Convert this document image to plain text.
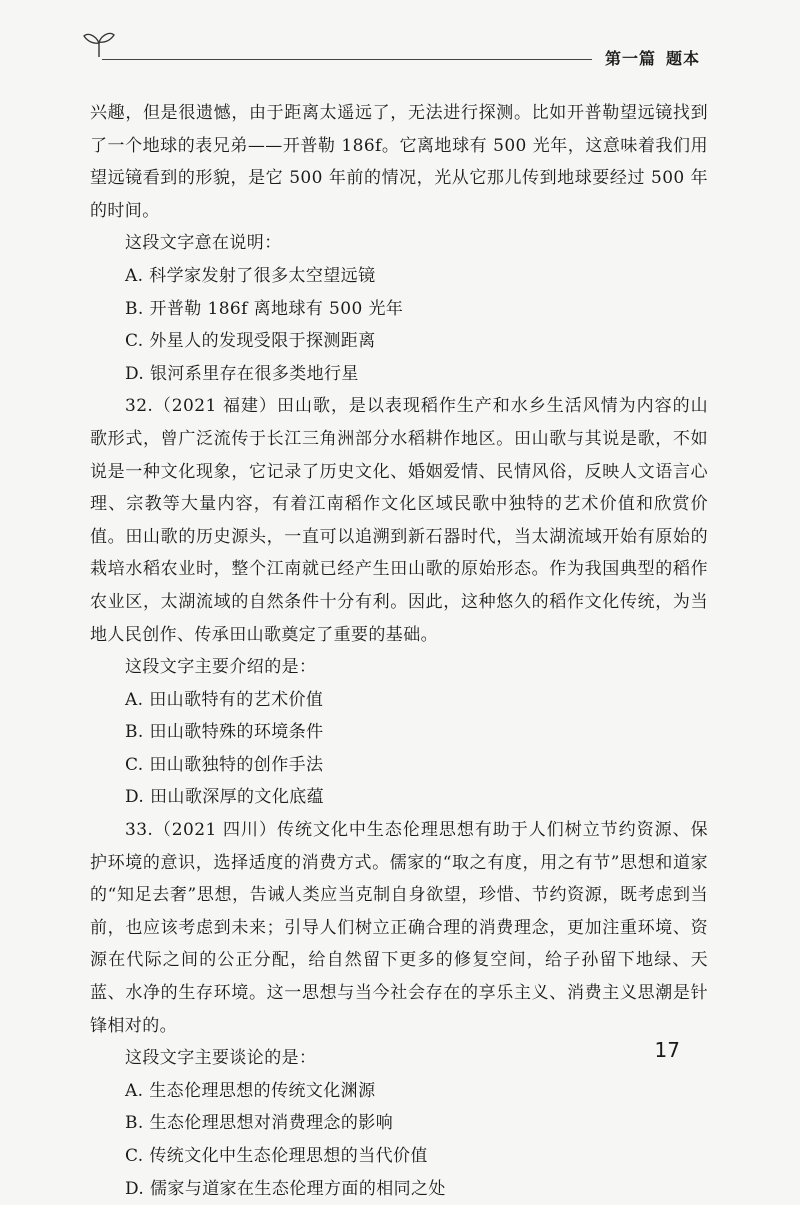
第一篇 题本

兴趣，但是很遗憾，由于距离太遥远了，无法进行探测。比如开普勒望远镜找到了一个地球的表兄弟——开普勒 186f。它离地球有 500 光年，这意味着我们用望远镜看到的形貌，是它 500 年前的情况，光从它那儿传到地球要经过 500 年的时间。

这段文字意在说明：

A. 科学家发射了很多太空望远镜
B. 开普勒 186f 离地球有 500 光年
C. 外星人的发现受限于探测距离
D. 银河系里存在很多类地行星

32.（2021 福建）田山歌，是以表现稻作生产和水乡生活风情为内容的山歌形式，曾广泛流传于长江三角洲部分水稻耕作地区。田山歌与其说是歌，不如说是一种文化现象，它记录了历史文化、婚姻爱情、民情风俗，反映人文语言心理、宗教等大量内容，有着江南稻作文化区域民歌中独特的艺术价值和欣赏价值。田山歌的历史源头，一直可以追溯到新石器时代，当太湖流域开始有原始的栽培水稻农业时，整个江南就已经产生田山歌的原始形态。作为我国典型的稻作农业区，太湖流域的自然条件十分有利。因此，这种悠久的稻作文化传统，为当地人民创作、传承田山歌奠定了重要的基础。

这段文字主要介绍的是：

A. 田山歌特有的艺术价值
B. 田山歌特殊的环境条件
C. 田山歌独特的创作手法
D. 田山歌深厚的文化底蕴

33.（2021 四川）传统文化中生态伦理思想有助于人们树立节约资源、保护环境的意识，选择适度的消费方式。儒家的“取之有度，用之有节”思想和道家的“知足去奢”思想，告诫人类应当克制自身欲望，珍惜、节约资源，既考虑到当前，也应该考虑到未来；引导人们树立正确合理的消费理念，更加注重环境、资源在代际之间的公正分配，给自然留下更多的修复空间，给子孙留下地绿、天蓝、水净的生存环境。这一思想与当今社会存在的享乐主义、消费主义思潮是针锋相对的。

这段文字主要谈论的是：

A. 生态伦理思想的传统文化渊源
B. 生态伦理思想对消费理念的影响
C. 传统文化中生态伦理思想的当代价值
D. 儒家与道家在生态伦理方面的相同之处
17
